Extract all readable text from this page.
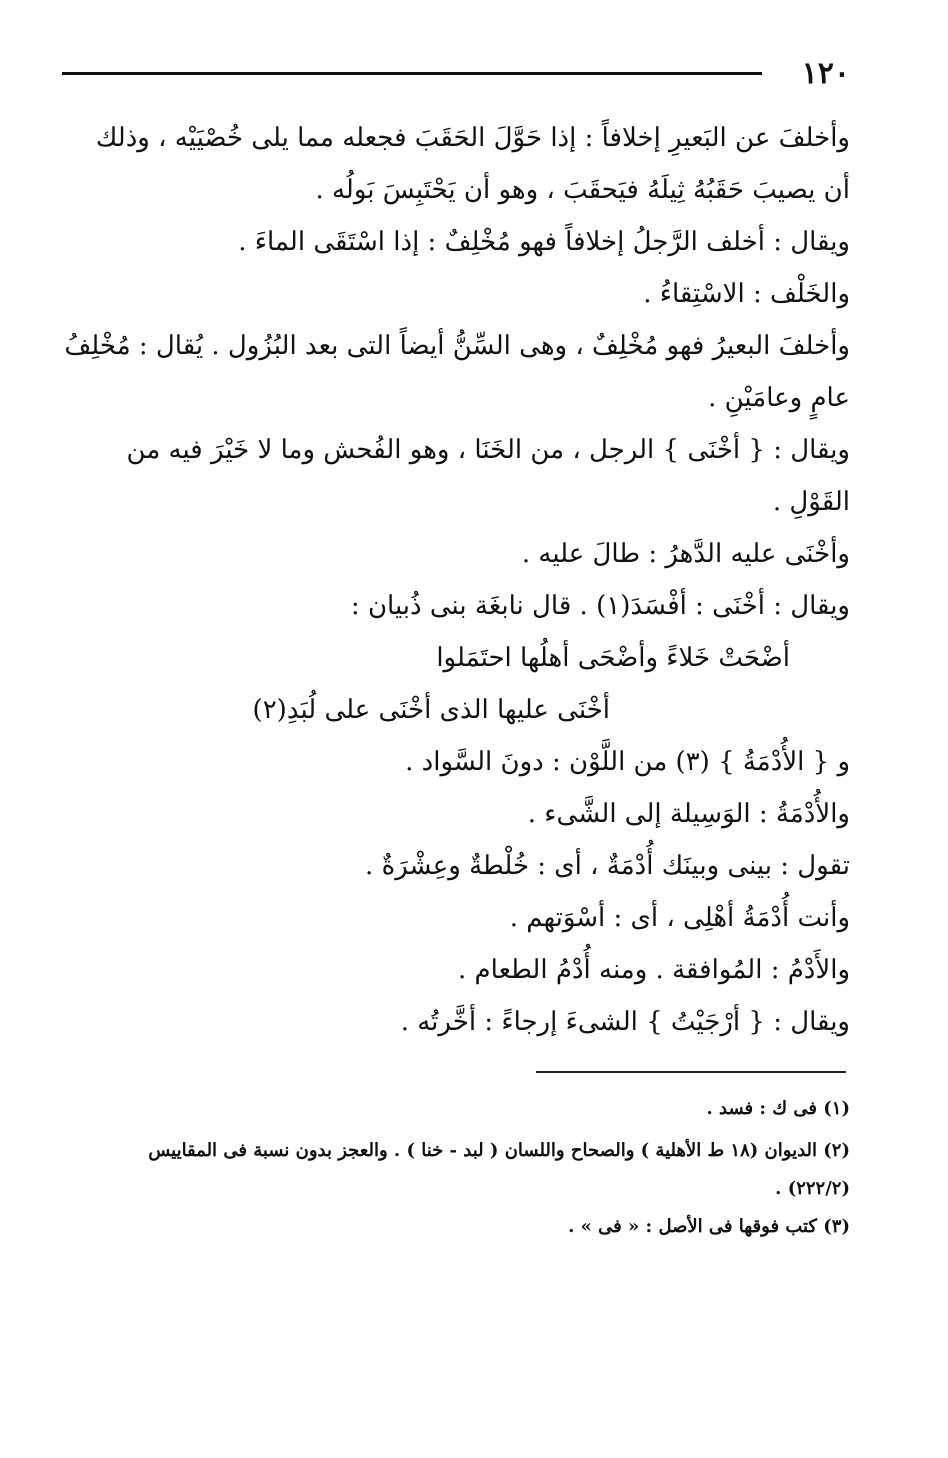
١٢٠
وأخلفَ عن البَعيرِ إخلافاً : إذا حَوَّلَ الحَقَبَ فجعله مما يلى خُصْيَيْه ، وذلك
أن يصيبَ حَقَبُهُ ثِيلَهُ فيَحقَبَ ، وهو أن يَحْتَبِسَ بَولُه .
ويقال : أخلف الرَّجلُ إخلافاً فهو مُخْلِفٌ : إذا اسْتَقَى الماءَ .
والخَلْف : الاسْتِقاءُ .
وأخلفَ البعيرُ فهو مُخْلِفٌ ، وهى السِّنُّ أيضاً التى بعد البُزُول . يُقال : مُخْلِفُ
عامٍ وعامَيْنِ .
ويقال : { أخْنَى } الرجل ، من الخَنَا ، وهو الفُحش وما لا خَيْرَ فيه من
القَوْلِ .
وأخْنَى عليه الدَّهرُ : طالَ عليه .
ويقال : أخْنَى : أفْسَدَ(١) . قال نابغَة بنى ذُبيان :
أضْحَتْ خَلاءً وأضْحَى أهلُها احتَمَلوا
أخْنَى عليها الذى أخْنَى على لُبَدِ(٢)
و { الأُدْمَةُ } (٣) من اللَّوْن : دونَ السَّواد .
والأُدْمَةُ : الوَسِيلة إلى الشَّىء .
تقول : بينى وبينَك أُدْمَةٌ ، أى : خُلْطةٌ وعِشْرَةٌ .
وأنت أُدْمَةُ أهْلِى ، أى : أسْوَتهم .
والأَدْمُ : المُوافقة . ومنه أُدْمُ الطعام .
ويقال : { أرْجَيْتُ } الشىءَ إرجاءً : أخَّرتُه .
(١) فى ك : فسد .
(٢) الديوان (١٨ ط الأهلية ) والصحاح واللسان ( لبد - خنا ) . والعجز بدون نسبة فى المقاييس
(٢٢٢/٢) .
(٣) كتب فوقها فى الأصل : « فى » .
